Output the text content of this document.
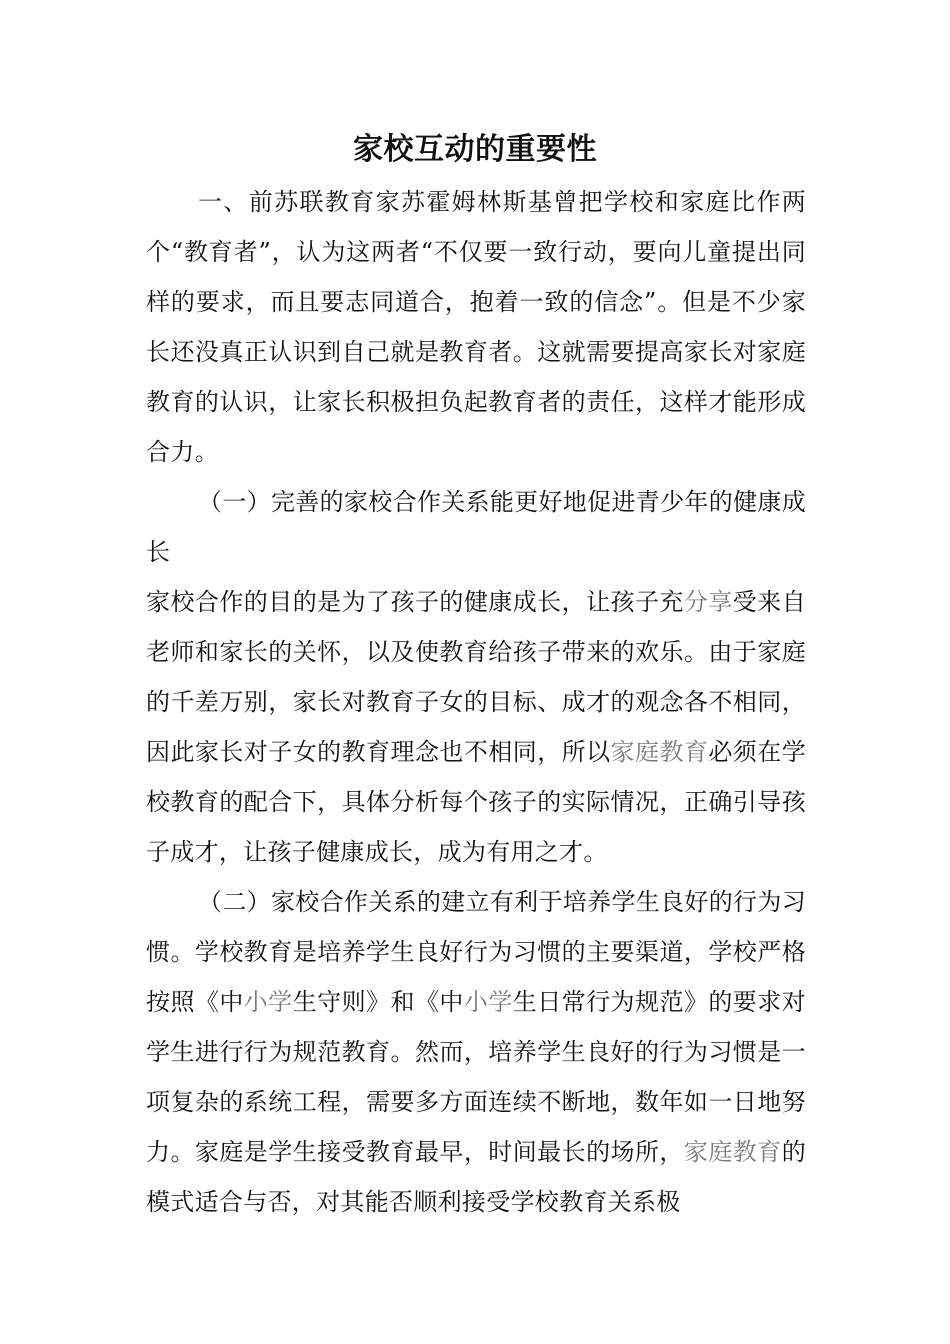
家校互动的重要性

一、前苏联教育家苏霍姆林斯基曾把学校和家庭比作两个“教育者”，认为这两者“不仅要一致行动，要向儿童提出同样的要求，而且要志同道合，抱着一致的信念”。但是不少家长还没真正认识到自己就是教育者。这就需要提高家长对家庭教育的认识，让家长积极担负起教育者的责任，这样才能形成合力。

（一）完善的家校合作关系能更好地促进青少年的健康成长

家校合作的目的是为了孩子的健康成长，让孩子充分享受来自老师和家长的关怀，以及使教育给孩子带来的欢乐。由于家庭的千差万别，家长对教育子女的目标、成才的观念各不相同，因此家长对子女的教育理念也不相同，所以家庭教育必须在学校教育的配合下，具体分析每个孩子的实际情况，正确引导孩子成才，让孩子健康成长，成为有用之才。

（二）家校合作关系的建立有利于培养学生良好的行为习惯。学校教育是培养学生良好行为习惯的主要渠道，学校严格按照《中小学生守则》和《中小学生日常行为规范》的要求对学生进行行为规范教育。然而，培养学生良好的行为习惯是一项复杂的系统工程，需要多方面连续不断地，数年如一日地努力。家庭是学生接受教育最早，时间最长的场所，家庭教育的模式适合与否，对其能否顺利接受学校教育关系极
